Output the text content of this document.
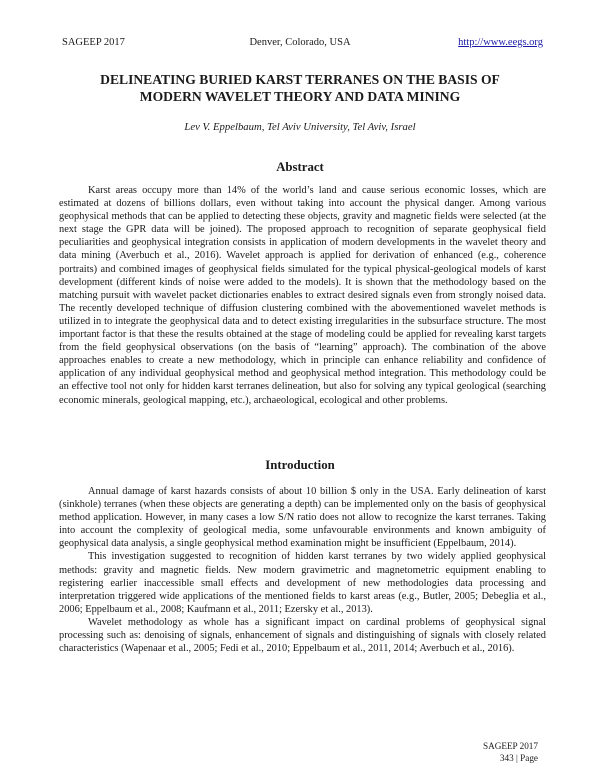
SAGEEP 2017	Denver, Colorado, USA	http://www.eegs.org
DELINEATING BURIED KARST TERRANES ON THE BASIS OF
MODERN WAVELET THEORY AND DATA MINING
Lev V. Eppelbaum, Tel Aviv University, Tel Aviv, Israel
Abstract

Karst areas occupy more than 14% of the world’s land and cause serious economic losses, which are estimated at dozens of billions dollars, even without taking into account the physical danger. Among various geophysical methods that can be applied to detecting these objects, gravity and magnetic fields were selected (at the next stage the GPR data will be joined). The proposed approach to recognition of separate geophysical field peculiarities and geophysical integration consists in application of modern developments in the wavelet theory and data mining (Averbuch et al., 2016). Wavelet approach is applied for derivation of enhanced (e.g., coherence portraits) and combined images of geophysical fields simulated for the typical physical-geological models of karst development (different kinds of noise were added to the models). It is shown that the methodology based on the matching pursuit with wavelet packet dictionaries enables to extract desired signals even from strongly noised data. The recently developed technique of diffusion clustering combined with the abovementioned wavelet methods is utilized in to integrate the geophysical data and to detect existing irregularities in the subsurface structure. The most important factor is that these the results obtained at the stage of modeling could be applied for revealing karst targets from the field geophysical observations (on the basis of “learning” approach). The combination of the above approaches enables to create a new methodology, which in principle can enhance reliability and confidence of application of any individual geophysical method and geophysical method integration. This methodology could be an effective tool not only for hidden karst terranes delineation, but also for solving any typical geological (searching economic minerals, geological mapping, etc.), archaeological, ecological and other problems.

Introduction

Annual damage of karst hazards consists of about 10 billion $ only in the USA. Early delineation of karst (sinkhole) terranes (when these objects are generating a depth) can be implemented only on the basis of geophysical method application. However, in many cases a low S/N ratio does not allow to recognize the karst terranes. Taking into account the complexity of geological media, some unfavourable environments and known ambiguity of geophysical data analysis, a single geophysical method examination might be insufficient (Eppelbaum, 2014).

This investigation suggested to recognition of hidden karst terranes by two widely applied geophysical methods: gravity and magnetic fields. New modern gravimetric and magnetometric equipment enabling to registering earlier inaccessible small effects and development of new methodologies data processing and interpretation triggered wide applications of the mentioned fields to karst areas (e.g., Butler, 2005; Debeglia et al., 2006; Eppelbaum et al., 2008; Kaufmann et al., 2011; Ezersky et al., 2013).

Wavelet methodology as whole has a significant impact on cardinal problems of geophysical signal processing such as: denoising of signals, enhancement of signals and distinguishing of signals with closely related characteristics (Wapenaar et al., 2005; Fedi et al., 2010; Eppelbaum et al., 2011, 2014; Averbuch et al., 2016).

SAGEEP 2017
343 | Page
